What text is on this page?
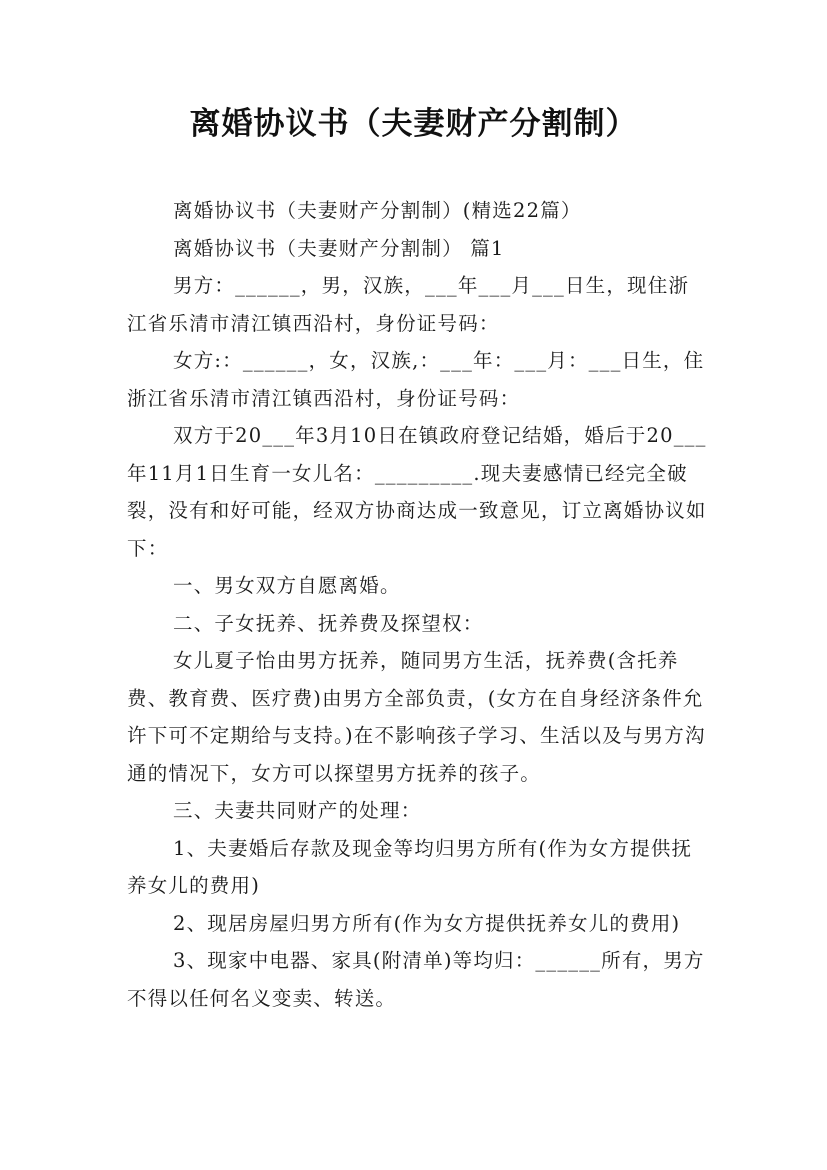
离婚协议书（夫妻财产分割制）

离婚协议书（夫妻财产分割制）(精选22篇）

离婚协议书（夫妻财产分割制） 篇1

男方：______，男，汉族，___年___月___日生，现住浙江省乐清市清江镇西沿村，身份证号码：

女方:：______，女，汉族,：___年：___月：___日生，住浙江省乐清市清江镇西沿村，身份证号码：

双方于20___年3月10日在镇政府登记结婚，婚后于20___年11月1日生育一女儿名：_________.现夫妻感情已经完全破裂，没有和好可能，经双方协商达成一致意见，订立离婚协议如下：

一、男女双方自愿离婚。

二、子女抚养、抚养费及探望权：

女儿夏子怡由男方抚养，随同男方生活，抚养费(含托养费、教育费、医疗费)由男方全部负责，(女方在自身经济条件允许下可不定期给与支持。)在不影响孩子学习、生活以及与男方沟通的情况下，女方可以探望男方抚养的孩子。

三、夫妻共同财产的处理：

1、夫妻婚后存款及现金等均归男方所有(作为女方提供抚养女儿的费用)

2、现居房屋归男方所有(作为女方提供抚养女儿的费用)

3、现家中电器、家具(附清单)等均归：______所有，男方不得以任何名义变卖、转送。
